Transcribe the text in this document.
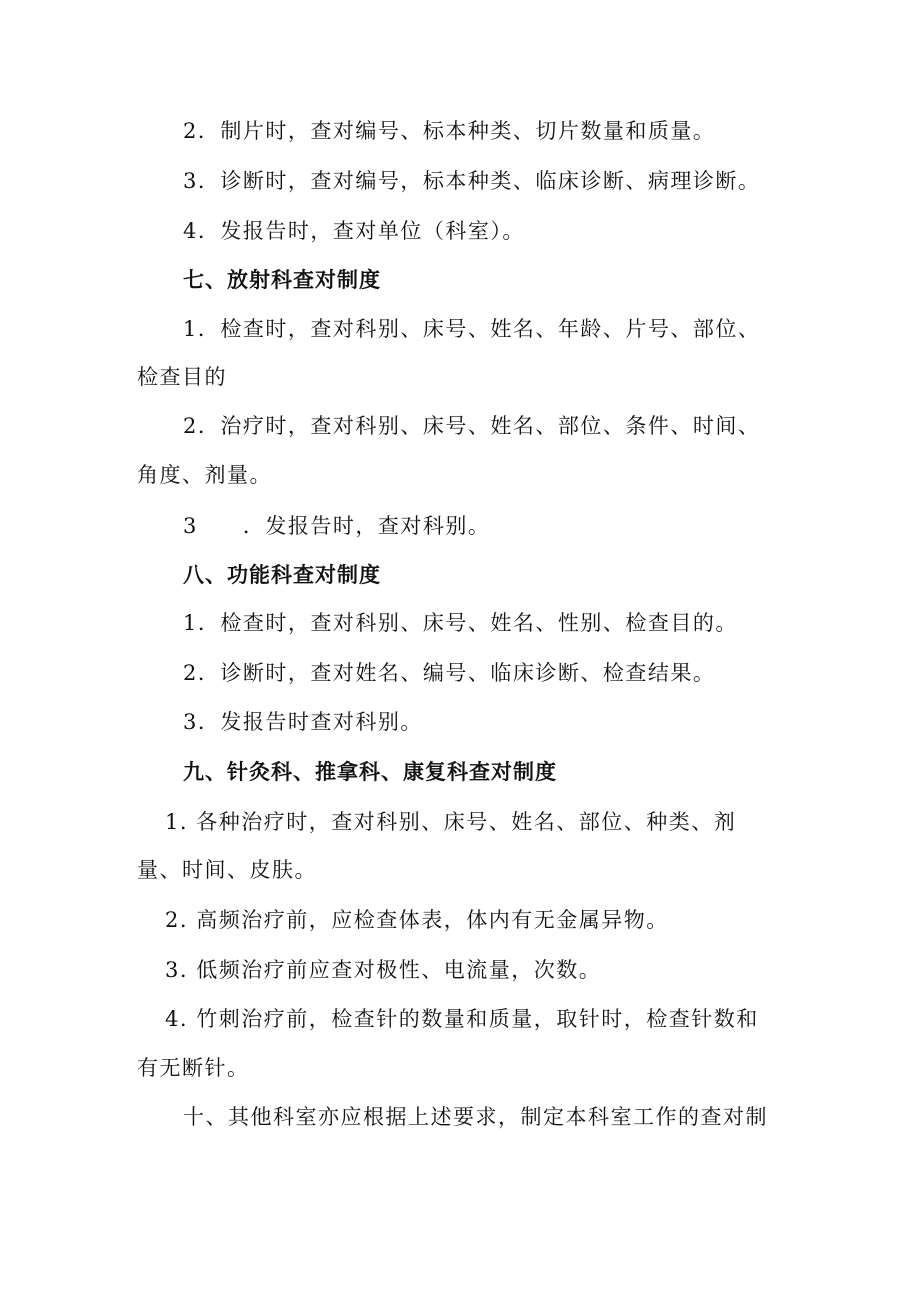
2．制片时，查对编号、标本种类、切片数量和质量。
3．诊断时，查对编号，标本种类、临床诊断、病理诊断。
4．发报告时，查对单位（科室）。
七、放射科查对制度
1．检查时，查对科别、床号、姓名、年龄、片号、部位、
检查目的
2．治疗时，查对科别、床号、姓名、部位、条件、时间、
角度、剂量。
3　　．发报告时，查对科别。
八、功能科查对制度
1．检查时，查对科别、床号、姓名、性别、检查目的。
2．诊断时，查对姓名、编号、临床诊断、检查结果。
3．发报告时查对科别。
九、针灸科、推拿科、康复科查对制度
1. 各种治疗时，查对科别、床号、姓名、部位、种类、剂
量、时间、皮肤。
2. 高频治疗前，应检查体表，体内有无金属异物。
3. 低频治疗前应查对极性、电流量，次数。
4. 竹刺治疗前，检查针的数量和质量，取针时，检查针数和
有无断针。
十、其他科室亦应根据上述要求，制定本科室工作的查对制
